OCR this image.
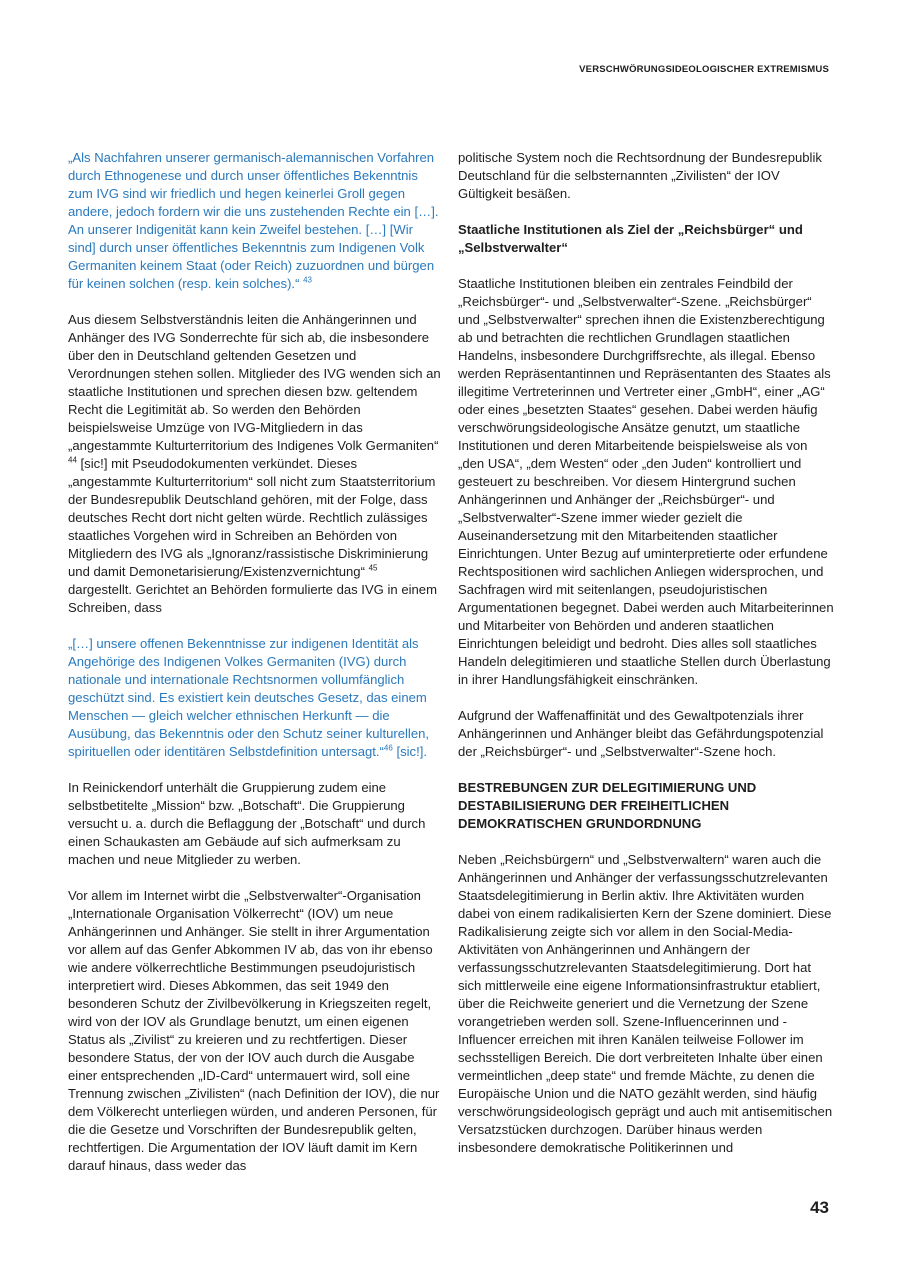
VERSCHWÖRUNGSIDEOLOGISCHER EXTREMISMUS

„Als Nachfahren unserer germanisch-alemannischen Vorfahren durch Ethnogenese und durch unser öffentliches Bekenntnis zum IVG sind wir friedlich und hegen keinerlei Groll gegen andere, jedoch fordern wir die uns zustehenden Rechte ein […]. An unserer Indigenität kann kein Zweifel bestehen. […] [Wir sind] durch unser öffentliches Bekenntnis zum Indigenen Volk Germaniten keinem Staat (oder Reich) zuzuordnen und bürgen für keinen solchen (resp. kein solches).“ $^{43}$

Aus diesem Selbstverständnis leiten die Anhängerinnen und Anhänger des IVG Sonderrechte für sich ab, die insbesondere über den in Deutschland geltenden Gesetzen und Verordnungen stehen sollen. Mitglieder des IVG wenden sich an staatliche Institutionen und sprechen diesen bzw. geltendem Recht die Legitimität ab. So werden den Behörden beispielsweise Umzüge von IVG-Mitgliedern in das „angestammte Kulturterritorium des Indigenes Volk Germaniten“ $^{44}$ [sic!] mit Pseudodokumenten verkündet. Dieses „angestammte Kulturterritorium“ soll nicht zum Staatsterritorium der Bundesrepublik Deutschland gehören, mit der Folge, dass deutsches Recht dort nicht gelten würde. Rechtlich zulässiges staatliches Vorgehen wird in Schreiben an Behörden von Mitgliedern des IVG als „Ignoranz/rassistische Diskriminierung und damit Demonetarisierung/Existenzvernichtung“ $^{45}$ dargestellt. Gerichtet an Behörden formulierte das IVG in einem Schreiben, dass

„[…] unsere offenen Bekenntnisse zur indigenen Identität als Angehörige des Indigenen Volkes Germaniten (IVG) durch nationale und internationale Rechtsnormen vollumfänglich geschützt sind. Es existiert kein deutsches Gesetz, das einem Menschen — gleich welcher ethnischen Herkunft — die Ausübung, das Bekenntnis oder den Schutz seiner kulturellen, spirituellen oder identitären Selbstdefinition untersagt.“$^{46}$ [sic!].

In Reinickendorf unterhält die Gruppierung zudem eine selbstbetitelte „Mission“ bzw. „Botschaft“. Die Gruppierung versucht u. a. durch die Beflaggung der „Botschaft“ und durch einen Schaukasten am Gebäude auf sich aufmerksam zu machen und neue Mitglieder zu werben.

Vor allem im Internet wirbt die „Selbstverwalter“-Organisation „Internationale Organisation Völkerrecht“ (IOV) um neue Anhängerinnen und Anhänger. Sie stellt in ihrer Argumentation vor allem auf das Genfer Abkommen IV ab, das von ihr ebenso wie andere völkerrechtliche Bestimmungen pseudojuristisch interpretiert wird. Dieses Abkommen, das seit 1949 den besonderen Schutz der Zivilbevölkerung in Kriegszeiten regelt, wird von der IOV als Grundlage benutzt, um einen eigenen Status als „Zivilist“ zu kreieren und zu rechtfertigen. Dieser besondere Status, der von der IOV auch durch die Ausgabe einer entsprechenden „ID-Card“ untermauert wird, soll eine Trennung zwischen „Zivilisten“ (nach Definition der IOV), die nur dem Völkerecht unterliegen würden, und anderen Personen, für die die Gesetze und Vorschriften der Bundesrepublik gelten, rechtfertigen. Die Argumentation der IOV läuft damit im Kern darauf hinaus, dass weder das

politische System noch die Rechtsordnung der Bundesrepublik Deutschland für die selbsternannten „Zivilisten“ der IOV Gültigkeit besäßen.

Staatliche Institutionen als Ziel der „Reichsbürger“ und „Selbstverwalter“

Staatliche Institutionen bleiben ein zentrales Feindbild der „Reichsbürger“- und „Selbstverwalter“-Szene. „Reichsbürger“ und „Selbstverwalter“ sprechen ihnen die Existenzberechtigung ab und betrachten die rechtlichen Grundlagen staatlichen Handelns, insbesondere Durchgriffsrechte, als illegal. Ebenso werden Repräsentantinnen und Repräsentanten des Staates als illegitime Vertreterinnen und Vertreter einer „GmbH“, einer „AG“ oder eines „besetzten Staates“ gesehen. Dabei werden häufig verschwörungsideologische Ansätze genutzt, um staatliche Institutionen und deren Mitarbeitende beispielsweise als von „den USA“, „dem Westen“ oder „den Juden“ kontrolliert und gesteuert zu beschreiben. Vor diesem Hintergrund suchen Anhängerinnen und Anhänger der „Reichsbürger“- und „Selbstverwalter“-Szene immer wieder gezielt die Auseinandersetzung mit den Mitarbeitenden staatlicher Einrichtungen. Unter Bezug auf uminterpretierte oder erfundene Rechtspositionen wird sachlichen Anliegen widersprochen, und Sachfragen wird mit seitenlangen, pseudojuristischen Argumentationen begegnet. Dabei werden auch Mitarbeiterinnen und Mitarbeiter von Behörden und anderen staatlichen Einrichtungen beleidigt und bedroht. Dies alles soll staatliches Handeln delegitimieren und staatliche Stellen durch Überlastung in ihrer Handlungsfähigkeit einschränken.

Aufgrund der Waffenaffinität und des Gewaltpotenzials ihrer Anhängerinnen und Anhänger bleibt das Gefährdungspotenzial der „Reichsbürger“- und „Selbstverwalter“-Szene hoch.

BESTREBUNGEN ZUR DELEGITIMIERUNG UND DESTABILISIERUNG DER FREIHEITLICHEN DEMOKRATISCHEN GRUNDORDNUNG

Neben „Reichsbürgern“ und „Selbstverwaltern“ waren auch die Anhängerinnen und Anhänger der verfassungsschutzrelevanten Staatsdelegitimierung in Berlin aktiv. Ihre Aktivitäten wurden dabei von einem radikalisierten Kern der Szene dominiert. Diese Radikalisierung zeigte sich vor allem in den Social-Media-Aktivitäten von Anhängerinnen und Anhängern der verfassungsschutzrelevanten Staatsdelegitimierung. Dort hat sich mittlerweile eine eigene Informationsinfrastruktur etabliert, über die Reichweite generiert und die Vernetzung der Szene vorangetrieben werden soll. Szene-Influencerinnen und -Influencer erreichen mit ihren Kanälen teilweise Follower im sechsstelligen Bereich. Die dort verbreiteten Inhalte über einen vermeintlichen „deep state“ und fremde Mächte, zu denen die Europäische Union und die NATO gezählt werden, sind häufig verschwörungsideologisch geprägt und auch mit antisemitischen Versatzstücken durchzogen. Darüber hinaus werden insbesondere demokratische Politikerinnen und

43
